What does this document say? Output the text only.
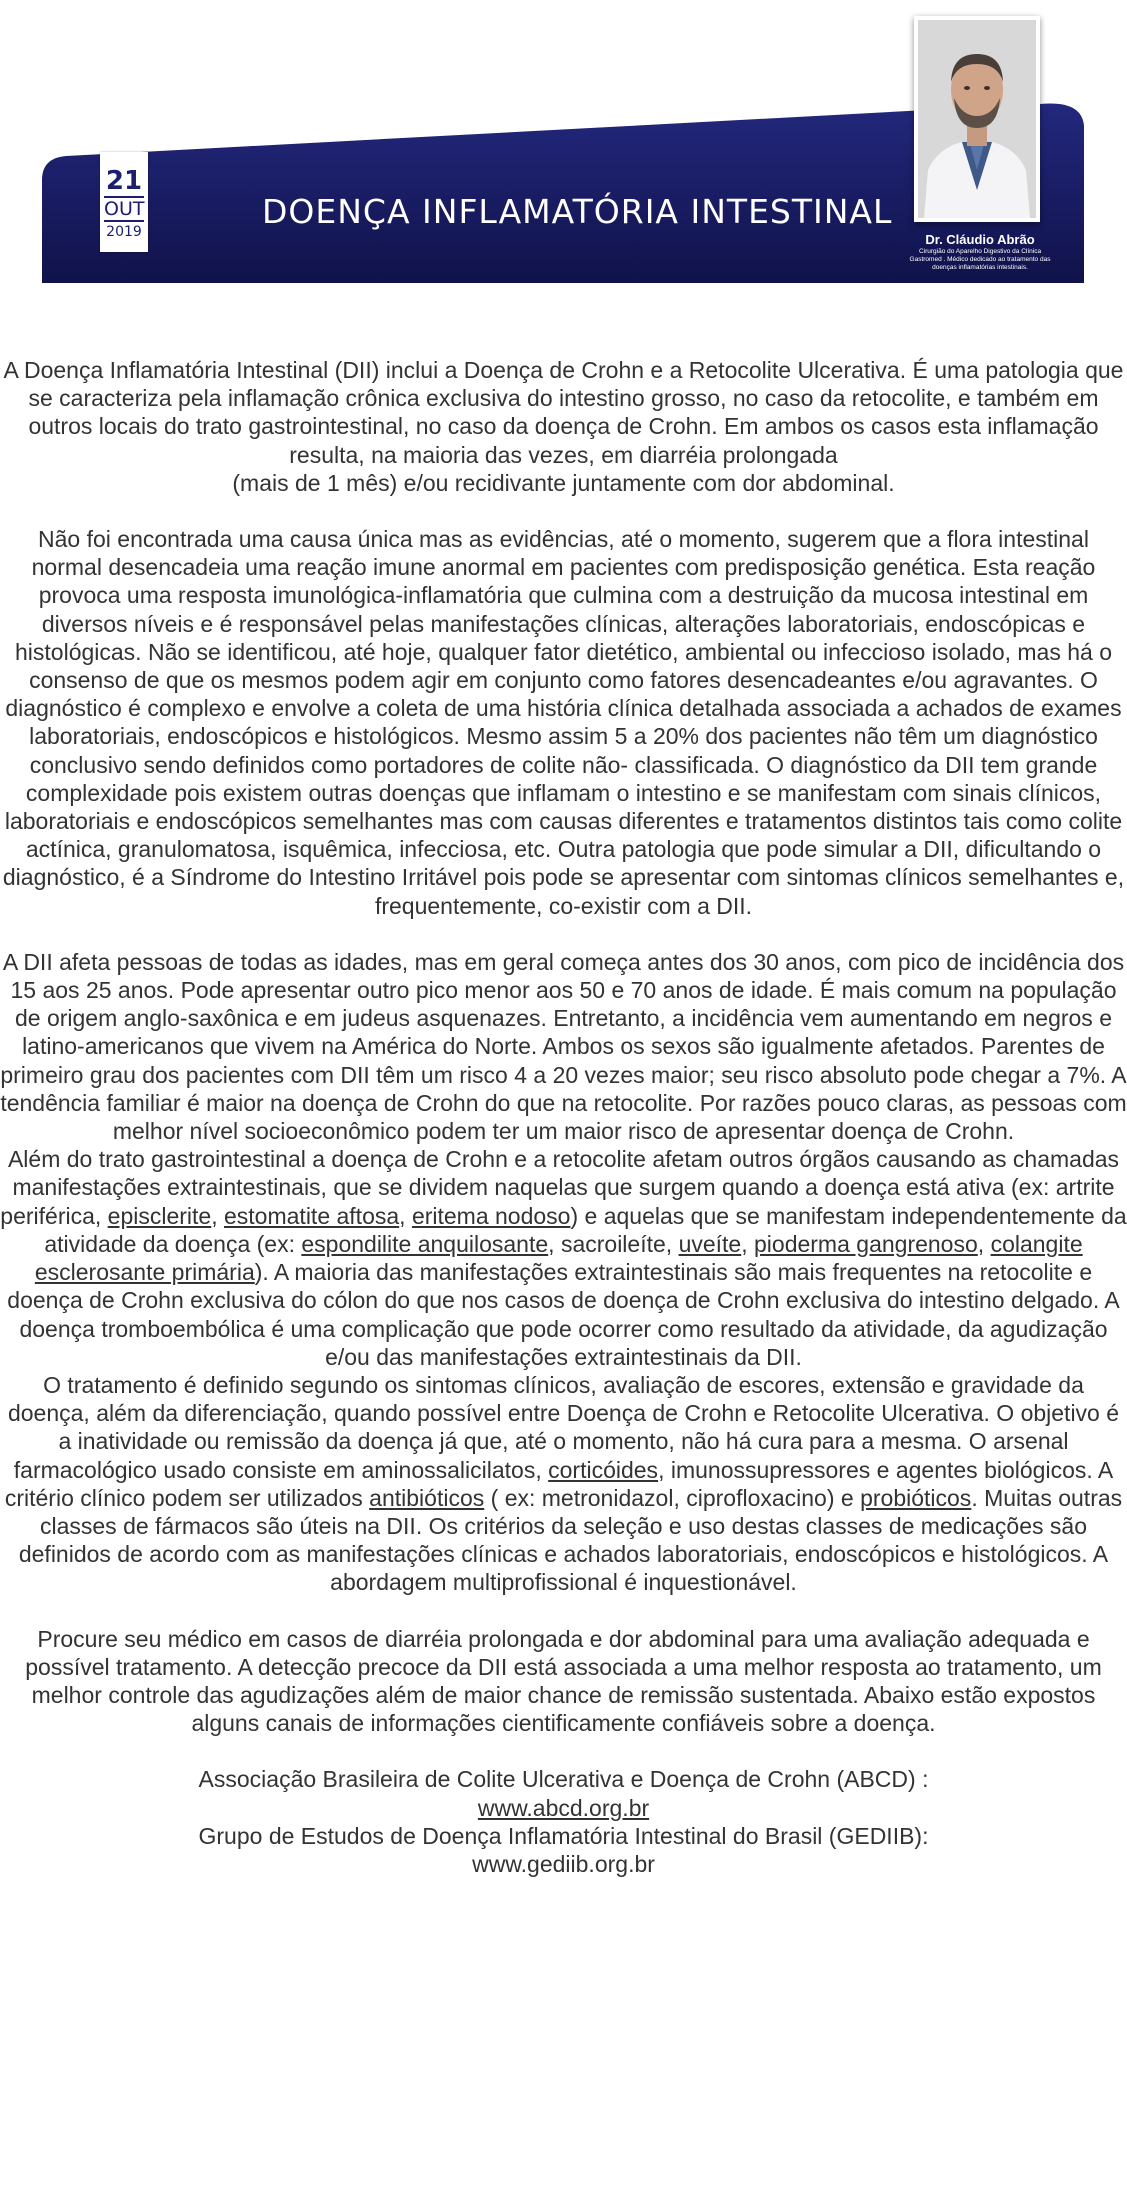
21
OUT
2019
DOENÇA INFLAMATÓRIA INTESTINAL
Dr. Cláudio Abrão
Cirurgião do Aparelho Digestivo da Clínica Gastromed . Médico dedicado ao tratamento das doenças inflamatórias intestinais.

A Doença Inflamatória Intestinal (DII) inclui a Doença de Crohn e a Retocolite Ulcerativa. É uma patologia que se caracteriza pela inflamação crônica exclusiva do intestino grosso, no caso da retocolite, e também em outros locais do trato gastrointestinal, no caso da doença de Crohn. Em ambos os casos esta inflamação resulta, na maioria das vezes, em diarréia prolongada
(mais de 1 mês) e/ou recidivante juntamente com dor abdominal.

Não foi encontrada uma causa única mas as evidências, até o momento, sugerem que a flora intestinal normal desencadeia uma reação imune anormal em pacientes com predisposição genética. Esta reação provoca uma resposta imunológica-inflamatória que culmina com a destruição da mucosa intestinal em diversos níveis e é responsável pelas manifestações clínicas, alterações laboratoriais, endoscópicas e histológicas. Não se identificou, até hoje, qualquer fator dietético, ambiental ou infeccioso isolado, mas há o consenso de que os mesmos podem agir em conjunto como fatores desencadeantes e/ou agravantes. O diagnóstico é complexo e envolve a coleta de uma história clínica detalhada associada a achados de exames laboratoriais, endoscópicos e histológicos. Mesmo assim 5 a 20% dos pacientes não têm um diagnóstico conclusivo sendo definidos como portadores de colite não- classificada. O diagnóstico da DII tem grande complexidade pois existem outras doenças que inflamam o intestino e se manifestam com sinais clínicos, laboratoriais e endoscópicos semelhantes mas com causas diferentes e tratamentos distintos tais como colite actínica, granulomatosa, isquêmica, infecciosa, etc. Outra patologia que pode simular a DII, dificultando o diagnóstico, é a Síndrome do Intestino Irritável pois pode se apresentar com sintomas clínicos semelhantes e, frequentemente, co-existir com a DII.

A DII afeta pessoas de todas as idades, mas em geral começa antes dos 30 anos, com pico de incidência dos 15 aos 25 anos. Pode apresentar outro pico menor aos 50 e 70 anos de idade. É mais comum na população de origem anglo-saxônica e em judeus asquenazes. Entretanto, a incidência vem aumentando em negros e latino-americanos que vivem na América do Norte. Ambos os sexos são igualmente afetados. Parentes de primeiro grau dos pacientes com DII têm um risco 4 a 20 vezes maior; seu risco absoluto pode chegar a 7%. A tendência familiar é maior na doença de Crohn do que na retocolite. Por razões pouco claras, as pessoas com melhor nível socioeconômico podem ter um maior risco de apresentar doença de Crohn.

Além do trato gastrointestinal a doença de Crohn e a retocolite afetam outros órgãos causando as chamadas manifestações extraintestinais, que se dividem naquelas que surgem quando a doença está ativa (ex: artrite periférica, episclerite, estomatite aftosa, eritema nodoso) e aquelas que se manifestam independentemente da atividade da doença (ex: espondilite anquilosante, sacroileíte, uveíte, pioderma gangrenoso, colangite esclerosante primária). A maioria das manifestações extraintestinais são mais frequentes na retocolite e doença de Crohn exclusiva do cólon do que nos casos de doença de Crohn exclusiva do intestino delgado. A doença tromboembólica é uma complicação que pode ocorrer como resultado da atividade, da agudização e/ou das manifestações extraintestinais da DII.

O tratamento é definido segundo os sintomas clínicos, avaliação de escores, extensão e gravidade da doença, além da diferenciação, quando possível entre Doença de Crohn e Retocolite Ulcerativa. O objetivo é a inatividade ou remissão da doença já que, até o momento, não há cura para a mesma. O arsenal farmacológico usado consiste em aminossalicilatos, corticóides, imunossupressores e agentes biológicos. A critério clínico podem ser utilizados antibióticos ( ex: metronidazol, ciprofloxacino) e probióticos. Muitas outras classes de fármacos são úteis na DII. Os critérios da seleção e uso destas classes de medicações são definidos de acordo com as manifestações clínicas e achados laboratoriais, endoscópicos e histológicos. A abordagem multiprofissional é inquestionável.

Procure seu médico em casos de diarréia prolongada e dor abdominal para uma avaliação adequada e possível tratamento. A detecção precoce da DII está associada a uma melhor resposta ao tratamento, um melhor controle das agudizações além de maior chance de remissão sustentada. Abaixo estão expostos alguns canais de informações cientificamente confiáveis sobre a doença.

Associação Brasileira de Colite Ulcerativa e Doença de Crohn (ABCD) :

www.abcd.org.br

Grupo de Estudos de Doença Inflamatória Intestinal do Brasil (GEDIIB):

www.gediib.org.br
